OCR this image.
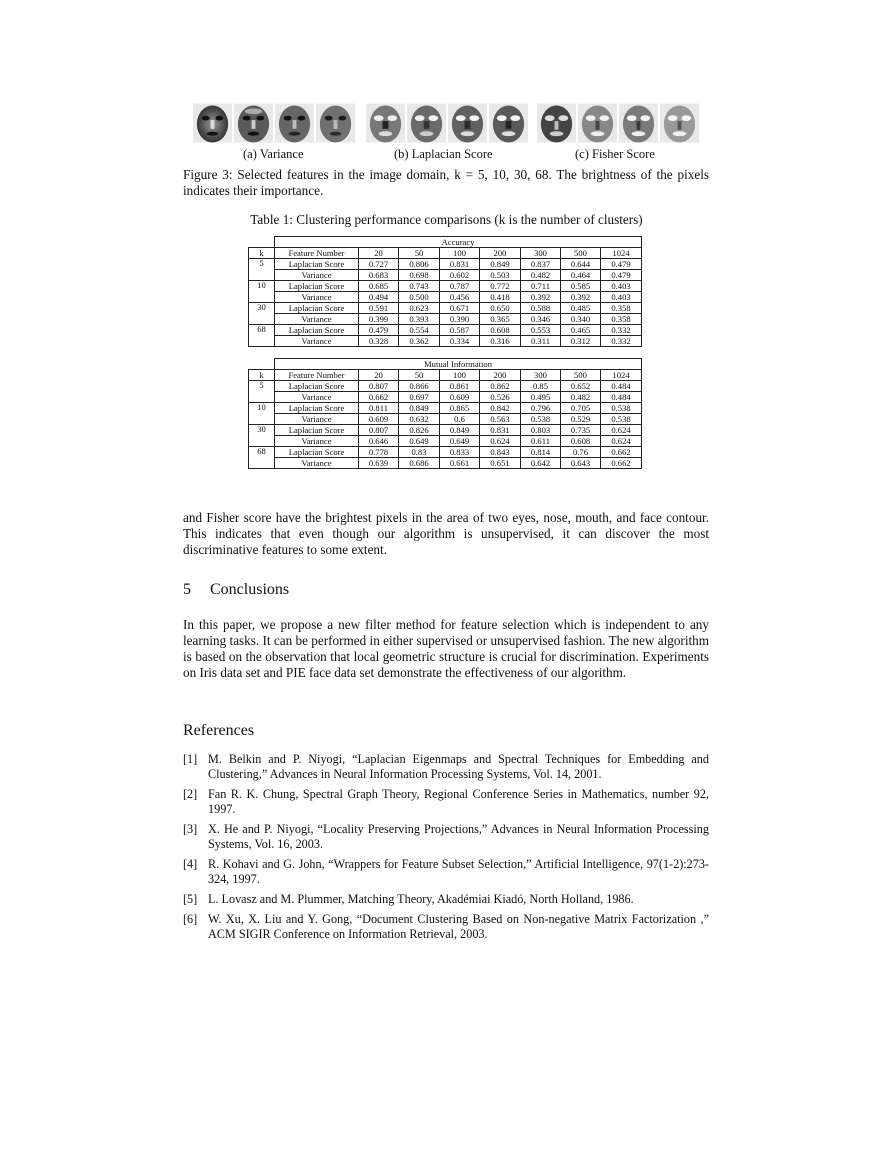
(a) Variance	(b) Laplacian Score	(c) Fisher Score
Figure 3: Selected features in the image domain, k = 5, 10, 30, 68. The brightness of the pixels indicates their importance.
Table 1: Clustering performance comparisons (k is the number of clusters)
	Accuracy							
k	Feature Number	20	50	100	200	300	500	1024
5	Laplacian Score	0.727	0.806	0.831	0.849	0.837	0.644	0.479
	Variance	0.683	0.698	0.602	0.503	0.482	0.464	0.479
10	Laplacian Score	0.685	0.743	0.787	0.772	0.711	0.585	0.403
	Variance	0.494	0.500	0.456	0.418	0.392	0.392	0.403
30	Laplacian Score	0.591	0.623	0.671	0.650	0.588	0.485	0.358
	Variance	0.399	0.393	0.390	0.365	0.346	0.340	0.358
68	Laplacian Score	0.479	0.554	0.587	0.608	0.553	0.465	0.332
	Variance	0.328	0.362	0.334	0.316	0.311	0.312	0.332
	Mutual Information							
k	Feature Number	20	50	100	200	300	500	1024
5	Laplacian Score	0.807	0.866	0.861	0.862	0.85	0.652	0.484
	Variance	0.662	0.697	0.609	0.526	0.495	0.482	0.484
10	Laplacian Score	0.811	0.849	0.865	0.842	0.796	0.705	0.538
	Variance	0.609	0.632	0.6	0.563	0.538	0.529	0.538
30	Laplacian Score	0.807	0.826	0.849	0.831	0.803	0.735	0.624
	Variance	0.646	0.649	0.649	0.624	0.611	0.608	0.624
68	Laplacian Score	0.778	0.83	0.833	0.843	0.814	0.76	0.662
	Variance	0.639	0.686	0.661	0.651	0.642	0.643	0.662
and Fisher score have the brightest pixels in the area of two eyes, nose, mouth, and face contour. This indicates that even though our algorithm is unsupervised, it can discover the most discriminative features to some extent.
5 Conclusions
In this paper, we propose a new filter method for feature selection which is independent to any learning tasks. It can be performed in either supervised or unsupervised fashion. The new algorithm is based on the observation that local geometric structure is crucial for discrimination. Experiments on Iris data set and PIE face data set demonstrate the effectiveness of our algorithm.
References
[1] M. Belkin and P. Niyogi, “Laplacian Eigenmaps and Spectral Techniques for Embedding and Clustering,” Advances in Neural Information Processing Systems, Vol. 14, 2001.
[2] Fan R. K. Chung, Spectral Graph Theory, Regional Conference Series in Mathematics, number 92, 1997.
[3] X. He and P. Niyogi, “Locality Preserving Projections,” Advances in Neural Information Processing Systems, Vol. 16, 2003.
[4] R. Kohavi and G. John, “Wrappers for Feature Subset Selection,” Artificial Intelligence, 97(1-2):273-324, 1997.
[5] L. Lovasz and M. Plummer, Matching Theory, Akadémiai Kiadó, North Holland, 1986.
[6] W. Xu, X. Liu and Y. Gong, “Document Clustering Based on Non-negative Matrix Factorization ,” ACM SIGIR Conference on Information Retrieval, 2003.
